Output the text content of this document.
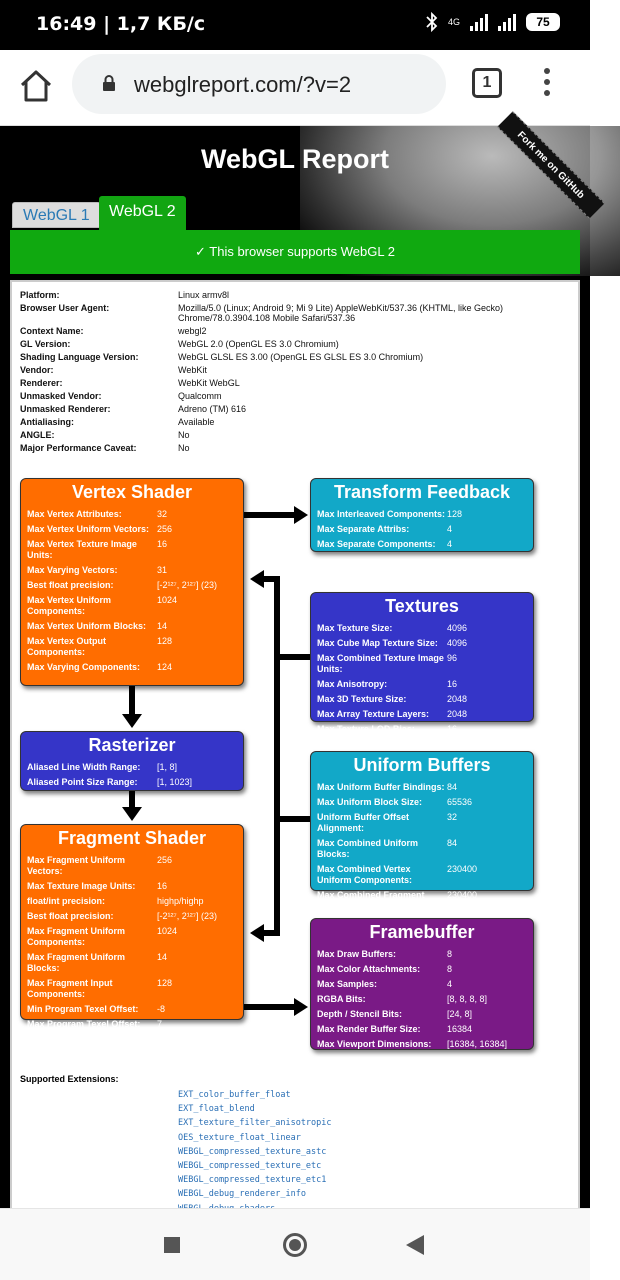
16:49 | 1,7 КБ/с	4G	75
webglreport.com/?v=2	1
Fork me on GitHub
WebGL Report
WebGL 1	WebGL 2
✓ This browser supports WebGL 2
Platform:	Linux armv8l
Browser User Agent:	Mozilla/5.0 (Linux; Android 9; Mi 9 Lite) AppleWebKit/537.36 (KHTML, like Gecko) Chrome/78.0.3904.108 Mobile Safari/537.36
Context Name:	webgl2
GL Version:	WebGL 2.0 (OpenGL ES 3.0 Chromium)
Shading Language Version:	WebGL GLSL ES 3.00 (OpenGL ES GLSL ES 3.0 Chromium)
Vendor:	WebKit
Renderer:	WebKit WebGL
Unmasked Vendor:	Qualcomm
Unmasked Renderer:	Adreno (TM) 616
Antialiasing:	Available
ANGLE:	No
Major Performance Caveat:	No
Vertex Shader
Max Vertex Attributes:	32
Max Vertex Uniform Vectors: 256
Max Vertex Texture Image Units:
16
Max Varying Vectors:	31
Best float precision:	[-2¹²⁷, 2¹²⁷] (23)
Max Vertex Uniform Components:
1024
Max Vertex Uniform Blocks:	14
Max Vertex Output Components:
128
Max Varying Components:	124
Rasterizer
Aliased Line Width Range:	[1, 8]
Aliased Point Size Range:	[1, 1023]
Fragment Shader
Max Fragment Uniform Vectors:
256
Max Texture Image Units:	16
float/int precision:	highp/highp
Best float precision:	[-2¹²⁷, 2¹²⁷] (23)
Max Fragment Uniform Components:
1024
Max Fragment Uniform Blocks:
14
Max Fragment Input Components:
128
Min Program Texel Offset:	-8
Max Program Texel Offset:	7
Transform Feedback
Max Interleaved Components: 128
Max Separate Attribs:	4
Max Separate Components:	4
Textures
Max Texture Size:	4096
Max Cube Map Texture Size:	4096
Max Combined Texture Image Units:
96
Max Anisotropy:	16
Max 3D Texture Size:	2048
Max Array Texture Layers:	2048
Max Texture LOD Bias:	16
Uniform Buffers
Max Uniform Buffer Bindings: 84
Max Uniform Block Size:	65536
Uniform Buffer Offset Alignment:
32
Max Combined Uniform Blocks:
84
Max Combined Vertex Uniform Components:
230400
Max Combined Fragment Uniform Components:
230400
Framebuffer
Max Draw Buffers:	8
Max Color Attachments:	8
Max Samples:	4
RGBA Bits:	[8, 8, 8, 8]
Depth / Stencil Bits:	[24, 8]
Max Render Buffer Size:	16384
Max Viewport Dimensions:	[16384, 16384]
Supported Extensions:
EXT_color_buffer_float
EXT_float_blend
EXT_texture_filter_anisotropic
OES_texture_float_linear
WEBGL_compressed_texture_astc
WEBGL_compressed_texture_etc
WEBGL_compressed_texture_etc1
WEBGL_debug_renderer_info
